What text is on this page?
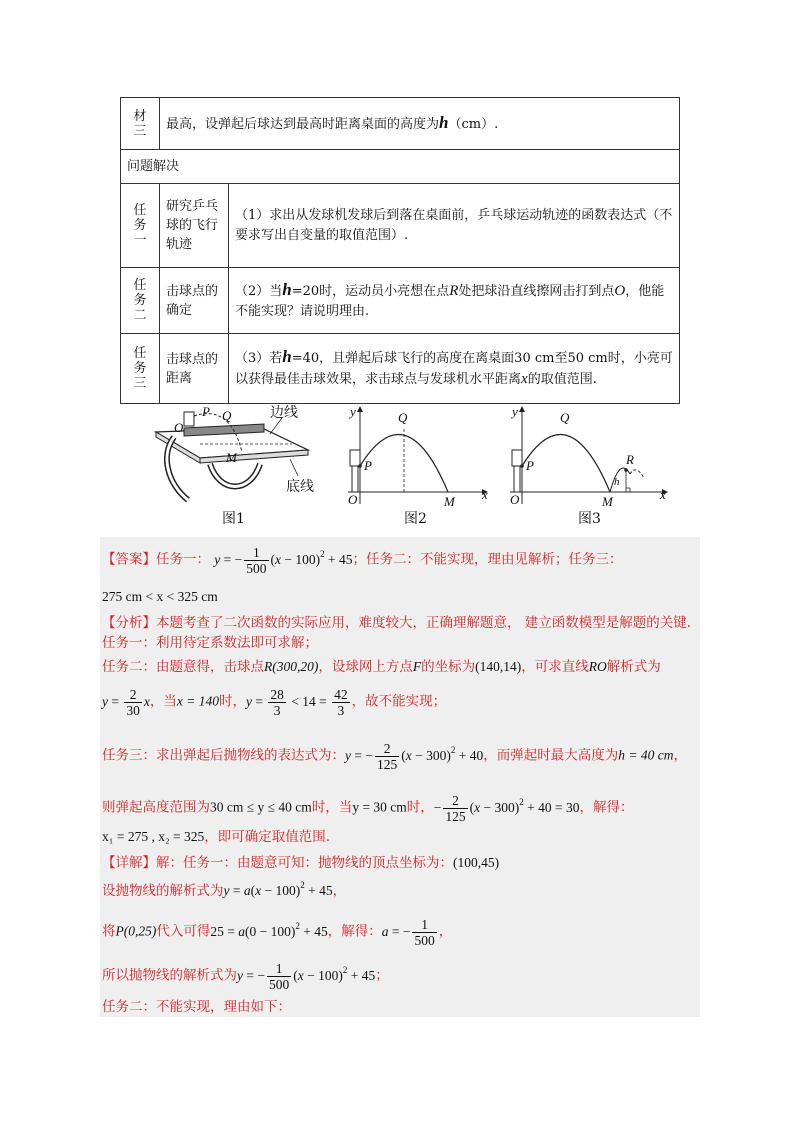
材三	最高，设弹起后球达到最高时距离桌面的高度为h（cm）.	
问题解决		

任务一	研究乒乓球的飞行轨迹	（1）求出从发球机发球后到落在桌面前，乒乓球运动轨迹的函数表达式（不要求写出自变量的取值范围）.

任务二	击球点的确定	（2）当h=20时，运动员小亮想在点R处把球沿直线擦网击打到点O，他能不能实现？请说明理由.

任务三	击球点的距离	（3）若h=40，且弹起后球飞行的高度在离桌面30 cm至50 cm时，小亮可以获得最佳击球效果，求击球点与发球机水平距离x的取值范围.
P Q
O
M
边线
底线
图1
y
x
P
Q
O	M
图2
y
x
P
Q
O	M
R
h
图3
【答案】任务一： y = − $\frac{1}{500} (x - 100)^2 + 45$；任务二：不能实现，理由见解析；任务三：
275 cm < x < 325 cm
【分析】本题考查了二次函数的实际应用，难度较大，正确理解题意， 建立函数模型是解题的关键.
任务一：利用待定系数法即可求解；
任务二：由题意得，击球点R(300,20)，设球网上方点F的坐标为(140,14)，可求直线RO解析式为
$y = \frac{2}{30}$ x，当x = 140时，$y = \frac{28}{3} < 14 = \frac{42}{3}$ ，故不能实现；
任务三：求出弹起后抛物线的表达式为：y = − $\frac{2}{125} (x - 300)^2 + 40$，而弹起时最大高度为h = 40 cm，
则弹起高度范围为30 cm ≤ y ≤ 40 cm时，当y = 30 cm时，− $\frac{2}{125} (x - 300)^2 + 40 = 30$，解得：
x₁ = 275 , x₂ = 325，即可确定取值范围.
【详解】解：任务一：由题意可知：抛物线的顶点坐标为：(100,45)
设抛物线的解析式为$y = a(x - 100)^2 + 45$，
将P(0,25)代入可得$25 = a(0 - 100)^2 + 45$，解得：a = − $\frac{1}{500}$ ，
所以抛物线的解析式为y = − $\frac{1}{500} (x - 100)^2 + 45$；
任务二：不能实现，理由如下：
